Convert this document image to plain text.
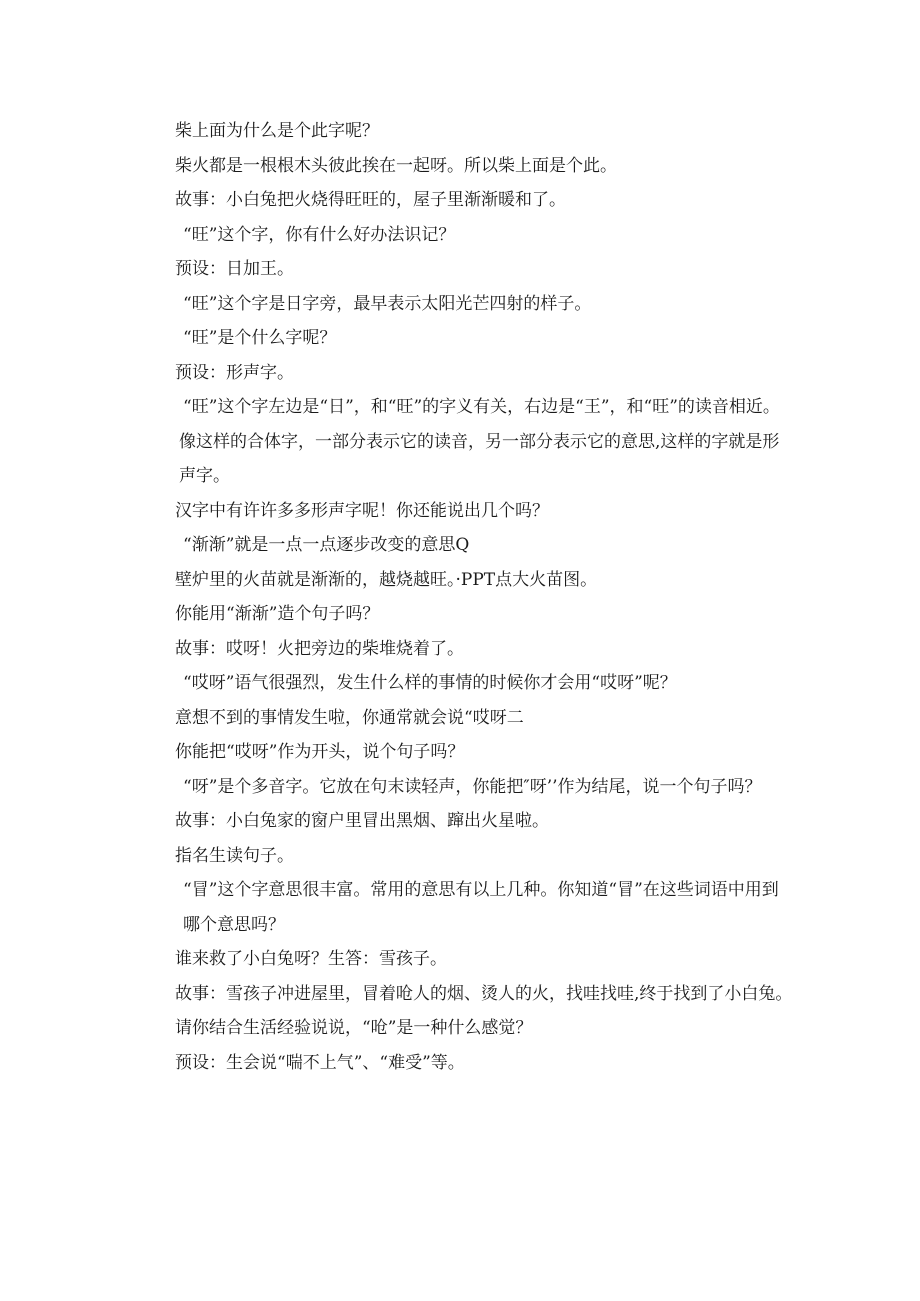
柴上面为什么是个此字呢？

柴火都是一根根木头彼此挨在一起呀。所以柴上面是个此。

故事：小白兔把火烧得旺旺的，屋子里渐渐暖和了。

“旺”这个字，你有什么好办法识记？

预设：日加王。

“旺”这个字是日字旁，最早表示太阳光芒四射的样子。

“旺”是个什么字呢？

预设：形声字。

“旺”这个字左边是“日”，和“旺”的字义有关，右边是“王”，和“旺”的读音相近。

像这样的合体字，一部分表示它的读音，另一部分表示它的意思,这样的字就是形声字。

汉字中有许许多多形声字呢！你还能说出几个吗？

“渐渐”就是一点一点逐步改变的意思Q

壁炉里的火苗就是渐渐的，越烧越旺。·PPT点大火苗图。

你能用“渐渐”造个句子吗？

故事：哎呀！火把旁边的柴堆烧着了。

“哎呀”语气很强烈，发生什么样的事情的时候你才会用“哎呀”呢？

意想不到的事情发生啦，你通常就会说“哎呀二

你能把“哎呀”作为开头，说个句子吗？

“呀”是个多音字。它放在句末读轻声，你能把″呀’’作为结尾，说一个句子吗？

故事：小白兔家的窗户里冒出黑烟、蹿出火星啦。

指名生读句子。

“冒”这个字意思很丰富。常用的意思有以上几种。你知道“冒”在这些词语中用到哪个意思吗？

谁来救了小白兔呀？生答：雪孩子。

故事：雪孩子冲进屋里，冒着呛人的烟、烫人的火，找哇找哇,终于找到了小白兔。

请你结合生活经验说说，“呛”是一种什么感觉？

预设：生会说“喘不上气”、“难受”等。
